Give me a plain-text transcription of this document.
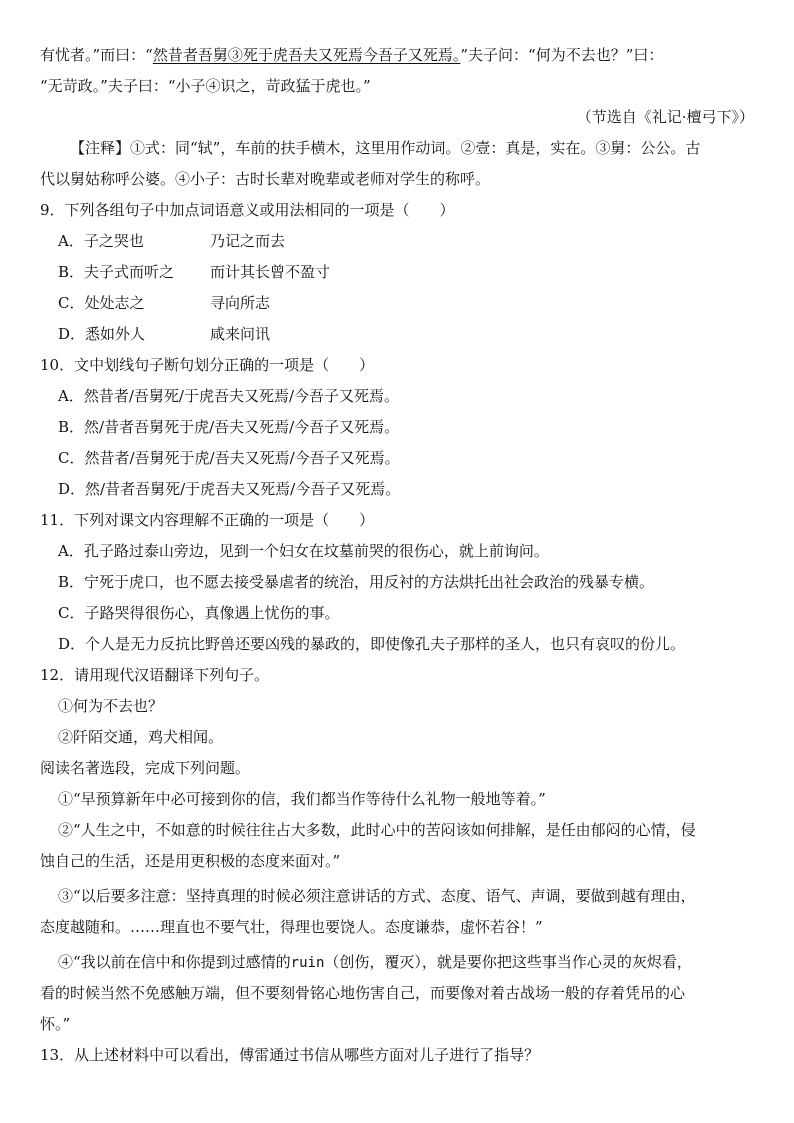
有忧者。”而曰：“然昔者吾舅③死于虎吾夫又死焉今吾子又死焉。”夫子问：“何为不去也？”曰：
“无苛政。”夫子曰：“小子④识之，苛政猛于虎也。”
（节选自《礼记·檀弓下》）
【注释】①式：同“轼”，车前的扶手横木，这里用作动词。②壹：真是，实在。③舅：公公。古
代以舅姑称呼公婆。④小子：古时长辈对晚辈或老师对学生的称呼。
9．下列各组句子中加点词语意义或用法相同的一项是（　　）
A．子之哭也	乃记之而去
B．夫子式而听之 而计其长曾不盈寸
C．处处志之	寻向所志
D．悉如外人	咸来问讯
10．文中划线句子断句划分正确的一项是（　　）
A．然昔者/吾舅死/于虎吾夫又死焉/今吾子又死焉。
B．然/昔者吾舅死于虎/吾夫又死焉/今吾子又死焉。
C．然昔者/吾舅死于虎/吾夫又死焉/今吾子又死焉。
D．然/昔者吾舅死/于虎吾夫又死焉/今吾子又死焉。
11．下列对课文内容理解不正确的一项是（　　）
A．孔子路过泰山旁边，见到一个妇女在坟墓前哭的很伤心，就上前询问。
B．宁死于虎口，也不愿去接受暴虐者的统治，用反衬的方法烘托出社会政治的残暴专横。
C．子路哭得很伤心，真像遇上忧伤的事。
D．个人是无力反抗比野兽还要凶残的暴政的，即使像孔夫子那样的圣人，也只有哀叹的份儿。
12．请用现代汉语翻译下列句子。
①何为不去也？
②阡陌交通，鸡犬相闻。
阅读名著选段，完成下列问题。
①“早预算新年中必可接到你的信，我们都当作等待什么礼物一般地等着。”
②“人生之中，不如意的时候往往占大多数，此时心中的苦闷该如何排解，是任由郁闷的心情，侵
蚀自己的生活，还是用更积极的态度来面对。”
③“以后要多注意：坚持真理的时候必须注意讲话的方式、态度、语气、声调，要做到越有理由，
态度越随和。……理直也不要气壮，得理也要饶人。态度谦恭，虚怀若谷！”
④“我以前在信中和你提到过感情的ruin（创伤，覆灭），就是要你把这些事当作心灵的灰烬看，
看的时候当然不免感触万端，但不要刻骨铭心地伤害自己，而要像对着古战场一般的存着凭吊的心
怀。”
13．从上述材料中可以看出，傅雷通过书信从哪些方面对儿子进行了指导？
